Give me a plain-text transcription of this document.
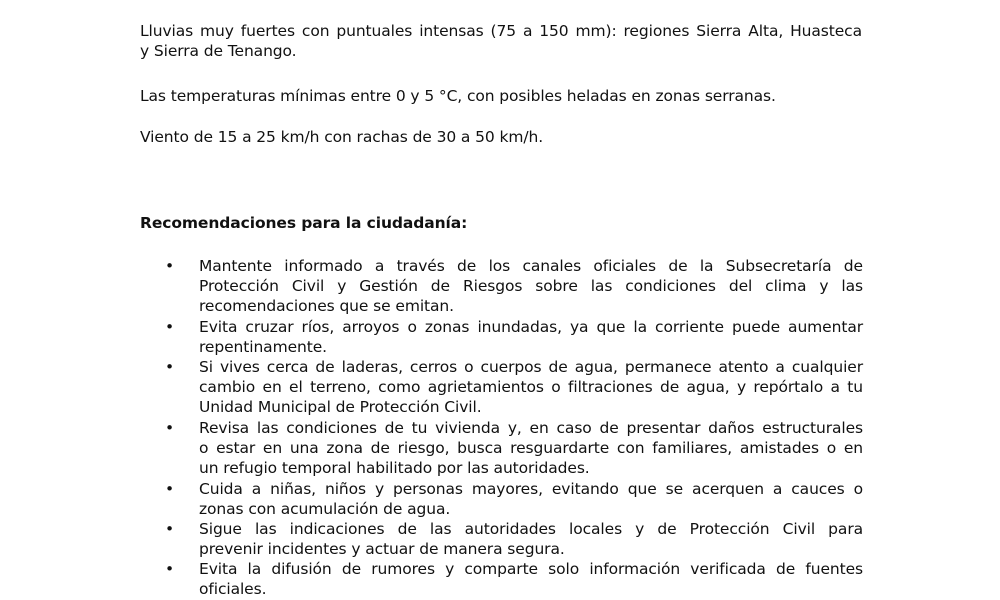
Lluvias muy fuertes con puntuales intensas (75 a 150 mm): regiones Sierra Alta, Huasteca
y Sierra de Tenango.
Las temperaturas mínimas entre 0 y 5 °C, con posibles heladas en zonas serranas.
Viento de 15 a 25 km/h con rachas de 30 a 50 km/h.
Recomendaciones para la ciudadanía:
• Mantente informado a través de los canales oficiales de la Subsecretaría de
Protección Civil y Gestión de Riesgos sobre las condiciones del clima y las
recomendaciones que se emitan.
• Evita cruzar ríos, arroyos o zonas inundadas, ya que la corriente puede aumentar
repentinamente.
• Si vives cerca de laderas, cerros o cuerpos de agua, permanece atento a cualquier
cambio en el terreno, como agrietamientos o filtraciones de agua, y repórtalo a tu
Unidad Municipal de Protección Civil.
• Revisa las condiciones de tu vivienda y, en caso de presentar daños estructurales
o estar en una zona de riesgo, busca resguardarte con familiares, amistades o en
un refugio temporal habilitado por las autoridades.
• Cuida a niñas, niños y personas mayores, evitando que se acerquen a cauces o
zonas con acumulación de agua.
• Sigue las indicaciones de las autoridades locales y de Protección Civil para
prevenir incidentes y actuar de manera segura.
• Evita la difusión de rumores y comparte solo información verificada de fuentes
oficiales.
